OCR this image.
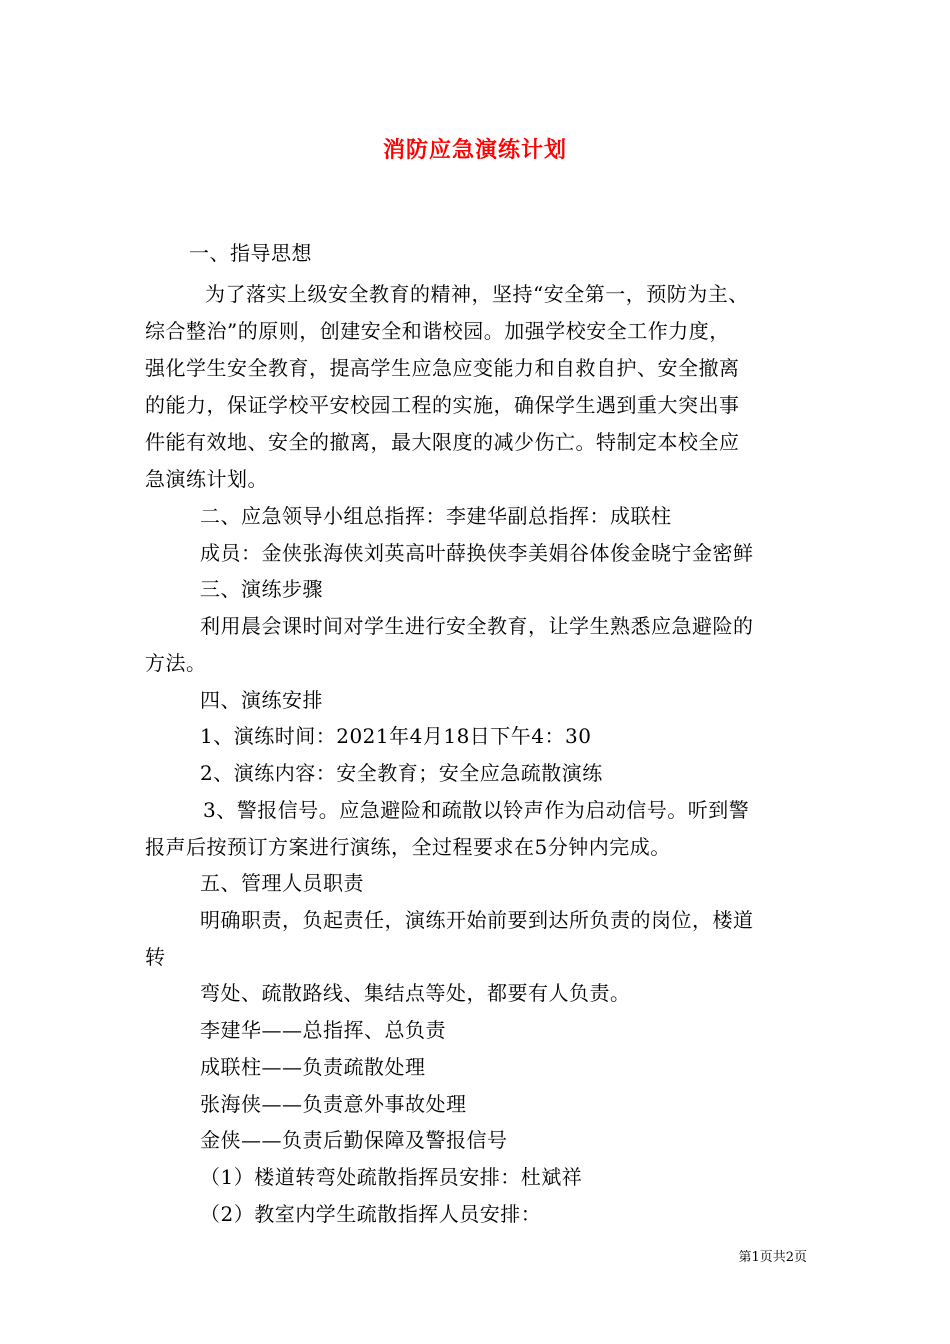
消防应急演练计划
一、指导思想
为了落实上级安全教育的精神，坚持“安全第一，预防为主、
综合整治”的原则，创建安全和谐校园。加强学校安全工作力度，
强化学生安全教育，提高学生应急应变能力和自救自护、安全撤离
的能力，保证学校平安校园工程的实施，确保学生遇到重大突出事
件能有效地、安全的撤离，最大限度的减少伤亡。特制定本校全应
急演练计划。
二、应急领导小组总指挥：李建华副总指挥：成联柱
成员：金侠张海侠刘英高叶薛换侠李美娟谷体俊金晓宁金密鲜
三、演练步骤
利用晨会课时间对学生进行安全教育，让学生熟悉应急避险的
方法。
四、演练安排
1、演练时间：2021年4月18日下午4：30
2、演练内容：安全教育；安全应急疏散演练
3、警报信号。应急避险和疏散以铃声作为启动信号。听到警
报声后按预订方案进行演练，全过程要求在5分钟内完成。
五、管理人员职责
明确职责，负起责任，演练开始前要到达所负责的岗位，楼道
转
弯处、疏散路线、集结点等处，都要有人负责。
李建华——总指挥、总负责
成联柱——负责疏散处理
张海侠——负责意外事故处理
金侠——负责后勤保障及警报信号
（1）楼道转弯处疏散指挥员安排：杜斌祥
（2）教室内学生疏散指挥人员安排：
第1页共2页
